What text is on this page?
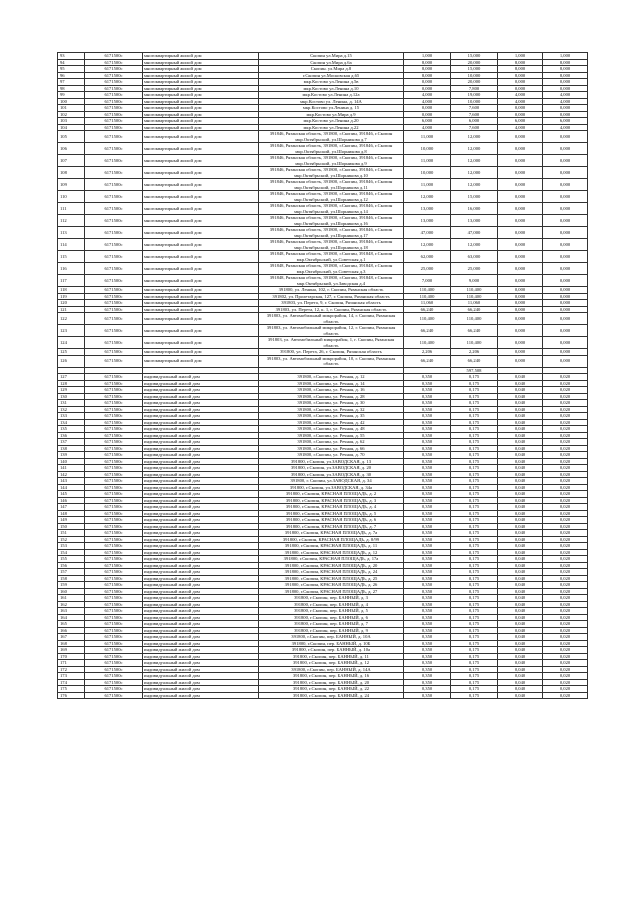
93	6171500с	многоквартирный жилой дом	Скопин ул.Мира д.15	1,000	15,000	1,000	1,000
94	6171500с	многоквартирный жилой дом	Скопин ул.Мира д.6а	8,000	20,000	8,000	8,000
95	6171500с	многоквартирный жилой дом	Скопин. ул.Мира д.8	8,000	15,000	8,000	8,000
96	6171500с	многоквартирный жилой дом	г.Скопин ул.Московская д.65	8,000	10,000	8,000	8,000
97	6171500с	многоквартирный жилой дом	мкр.Костово ул.Ленина д.5в	0,000	20,000	0,000	0,000
98	6171500с	многоквартирный жилой дом	мкр.Костово ул.Ленина д.10	0,000	7,800	0,000	0,000
99	6171500с	многоквартирный жилой дом	мкр.Костово ул.Ленина д.12а	4,000	19,000	4,000	4,000
100	6171500с	многоквартирный жилой дом	мкр.Костово ул. Ленина, д. 14А	4,000	10,000	4,000	4,000
101	6171500с	многоквартирный жилой дом	мкр.Костово ул.Ленина д. 15	0,000	7,600	0,000	0,000
102	6171500с	многоквартирный жилой дом	мкр.Костово ул.Мира д.9	0,000	7,600	0,000	0,000
103	6171500с	многоквартирный жилой дом	мкр.Костово ул.Ленина д.20	6,000	6,000	6,000	6,000
104	6171500с	многоквартирный жилой дом	мкр.Костово ул.Ленина д.22	4,000	7,600	4,000	4,000
105	6171500с	многоквартирный жилой дом	391846, Рязанская область, 391800, г.Скопин, 391846, г.Скопин мкр.Октябрьский, ул.Шорникова д.7	11,000	12,000	0,000	0,000
106	6171500с	многоквартирный жилой дом	391846, Рязанская область, 391800, г.Скопин, 391846, г.Скопин мкр.Октябрьский, ул.Шорникова д.8	10,000	12,000	0,000	0,000
107	6171500с	многоквартирный жилой дом	391846, Рязанская область, 391800, г.Скопин, 391846, г.Скопин мкр.Октябрьский, ул.Шорникова д.9	11,000	12,000	0,000	0,000
108	6171500с	многоквартирный жилой дом	391846, Рязанская область, 391800, г.Скопин, 391846, г.Скопин мкр.Октябрьский, ул.Шорникова д.10	10,000	12,000	0,000	0,000
109	6171500с	многоквартирный жилой дом	391846, Рязанская область, 391800, г.Скопин, 391846, г.Скопин мкр.Октябрьский, ул.Шорникова д.11	11,000	12,000	0,000	0,000
110	6171500с	многоквартирный жилой дом	391846, Рязанская область, 391800, г.Скопин, 391846, г.Скопин мкр.Октябрьский, ул.Шорникова д.12	12,000	15,000	0,000	0,000
111	6171500с	многоквартирный жилой дом	391846, Рязанская область, 391800, г.Скопин, 391846, г.Скопин мкр.Октябрьский, ул.Шорникова д.14	13,000	16,000	0,000	0,000
112	6171500с	многоквартирный жилой дом	391846, Рязанская область, 391800, г.Скопин, 391846, г.Скопин мкр.Октябрьский, ул.Шорникова д.16	13,000	13,000	0,000	0,000
113	6171500с	многоквартирный жилой дом	391846, Рязанская область, 391800, г.Скопин, 391846, г.Скопин мкр.Октябрьский, ул.Шорникова д.17	47,000	47,000	0,000	0,000
114	6171500с	многоквартирный жилой дом	391846, Рязанская область, 391800, г.Скопин, 391846, г.Скопин мкр.Октябрьский, ул.Шорникова д.18	12,000	12,000	0,000	0,000
115	6171500с	многоквартирный жилой дом	391848, Рязанская область, 391800, г.Скопин, 391848, г.Скопин мкр.Октябрьский, ул.Советская д.1	62,000	63,000	0,000	0,000
116	6171500с	многоквартирный жилой дом	391848, Рязанская область, 391800, г.Скопин, 391848, г.Скопин мкр.Октябрьский, ул.Советская д.3	25,000	25,000	0,000	0,000
117	6171500с	многоквартирный жилой дом	391848, Рязанская область, 391800, г.Скопин, 391848, г.Скопин мкр.Октябрьский, ул.Заводская д.4	7,000	9,000	0,000	0,000
118	6171500с	многоквартирный жилой дом	391800, ул. Ленина, 102, г. Скопин, Рязанская область	110,400	110,400	0,000	0,000
119	6171500с	многоквартирный жилой дом	391802, ул. Пролетарская, 127, г. Скопин, Рязанская область	110,400	110,400	0,000	0,000
120	6171500с	многоквартирный жилой дом	391803, ул. Перета, 9, г. Скопин, Рязанская область	11,060	11,060	0,000	0,000
121	6171500с	многоквартирный жилой дом	391803, ул. Перета, 12, к. 1, г. Скопин, Рязанская область	66,240	66,240	0,000	0,000
122	6171500с	многоквартирный жилой дом	391803, ул. Автомобильный микрорайон, 14, г. Скопин, Рязанская область	110,400	110,400	0,000	0,000
123	6171500с	многоквартирный жилой дом	391803, ул. Автомобильный микрорайон, 12, г. Скопин, Рязанская область	66,240	66,240	0,000	0,000
124	6171500с	многоквартирный жилой дом	391803, ул. Автомобильный микрорайон, 1, г. Скопин, Рязанская область	110,400	110,400	0,000	0,000
125	6171500с	многоквартирный жилой дом	391800, ул. Перета, 26, г. Скопин, Рязанская область	2,206	2,206	0,000	0,000
126	6171500с	многоквартирный жилой дом	391803, ул. Автомобильный микрорайон, 10, г. Скопин, Рязанская область	66,240	66,240	0,000	0,000
					597,508		
127	6171500с	индивидуальный жилой дом	391800, г.Скопин, ул. Речная, д. 12	0,350	0,175	0,040	0,020
128	6171500с	индивидуальный жилой дом	391800, г.Скопин, ул. Речная, д. 14	0,350	0,175	0,040	0,020
129	6171500с	индивидуальный жилой дом	391800, г.Скопин, ул. Речная, д. 16	0,350	0,175	0,040	0,020
130	6171500с	индивидуальный жилой дом	391800, г.Скопин, ул. Речная, д. 28	0,350	0,175	0,040	0,020
131	6171500с	индивидуальный жилой дом	391800, г.Скопин, ул. Речная, д. 30	0,350	0,175	0,040	0,020
132	6171500с	индивидуальный жилой дом	391800, г.Скопин, ул. Речная, д. 32	0,350	0,175	0,040	0,020
133	6171500с	индивидуальный жилой дом	391800, г.Скопин, ул. Речная, д. 35	0,350	0,175	0,040	0,020
134	6171500с	индивидуальный жилой дом	391800, г.Скопин, ул. Речная, д. 42	0,350	0,175	0,040	0,020
135	6171500с	индивидуальный жилой дом	391800, г.Скопин, ул. Речная, д. 48	0,350	0,175	0,040	0,020
136	6171500с	индивидуальный жилой дом	391800, г.Скопин, ул. Речная, д. 55	0,350	0,175	0,040	0,020
137	6171500с	индивидуальный жилой дом	391800, г.Скопин, ул. Речная, д. 62	0,350	0,175	0,040	0,020
138	6171500с	индивидуальный жилой дом	391800, г.Скопин, ул. Речная, д. 66	0,350	0,175	0,040	0,020
139	6171500с	индивидуальный жилой дом	391800, г.Скопин, ул. Речная, д. 70	0,350	0,175	0,040	0,020
140	6171500с	индивидуальный жилой дом	391800, г.Скопин, ул.ЗАВОДСКАЯ, д. 13	0,350	0,175	0,040	0,020
141	6171500с	индивидуальный жилой дом	391800, г.Скопин, ул.ЗАВОДСКАЯ, д. 20	0,350	0,175	0,040	0,020
142	6171500с	индивидуальный жилой дом	391800, г.Скопин, ул.ЗАВОДСКАЯ, д. 30	0,350	0,175	0,040	0,020
143	6171500с	индивидуальный жилой дом	391800, г. Скопин, ул.ЗАВОДСКАЯ, д. 34	0,350	0,175	0,040	0,020
144	6171500с	индивидуальный жилой дом	391800, г.Скопин, ул.ЗАВОДСКАЯ, д. 34а	0,350	0,175	0,040	0,020
145	6171500с	индивидуальный жилой дом	391800, г.Скопин, КРАСНАЯ ПЛОЩАДЬ, д. 2	0,350	0,175	0,040	0,020
146	6171500с	индивидуальный жилой дом	391800, г.Скопин, КРАСНАЯ ПЛОЩАДЬ, д. 3	0,350	0,175	0,040	0,020
147	6171500с	индивидуальный жилой дом	391800, г.Скопин, КРАСНАЯ ПЛОЩАДЬ, д. 4	0,350	0,175	0,040	0,020
148	6171500с	индивидуальный жилой дом	391800, г.Скопин, КРАСНАЯ ПЛОЩАДЬ, д. 5	0,350	0,175	0,040	0,020
149	6171500с	индивидуальный жилой дом	391800, г.Скопин, КРАСНАЯ ПЛОЩАДЬ, д. 6	0,350	0,175	0,040	0,020
150	6171500с	индивидуальный жилой дом	391800, г.Скопин, КРАСНАЯ ПЛОЩАДЬ, д. 7	0,350	0,175	0,040	0,020
151	6171500с	индивидуальный жилой дом	391800, г.Скопин, КРАСНАЯ ПЛОЩАДЬ, д. 7а	0,350	0,175	0,040	0,020
152	6171500с	индивидуальный жилой дом	391800, г.Скопин, КРАСНАЯ ПЛОЩАДЬ, д. 8/99	0,350	0,175	0,040	0,020
153	6171500с	индивидуальный жилой дом	391800, г.Скопин, КРАСНАЯ ПЛОЩАДЬ, д. 11	0,350	0,175	0,040	0,020
154	6171500с	индивидуальный жилой дом	391800, г.Скопин, КРАСНАЯ ПЛОЩАДЬ, д. 12	0,350	0,175	0,040	0,020
155	6171500с	индивидуальный жилой дом	391800, г.Скопин, КРАСНАЯ ПЛОЩАДЬ, д. 17а	0,350	0,175	0,040	0,020
156	6171500с	индивидуальный жилой дом	391800, г.Скопин, КРАСНАЯ ПЛОЩАДЬ, д. 20	0,350	0,175	0,040	0,020
157	6171500с	индивидуальный жилой дом	391800, г.Скопин, КРАСНАЯ ПЛОЩАДЬ, д. 24	0,350	0,175	0,040	0,020
158	6171500с	индивидуальный жилой дом	391800, г.Скопин, КРАСНАЯ ПЛОЩАДЬ, д. 25	0,350	0,175	0,040	0,020
159	6171500с	индивидуальный жилой дом	391800, г.Скопин, КРАСНАЯ ПЛОЩАДЬ, д. 26	0,350	0,175	0,040	0,020
160	6171500с	индивидуальный жилой дом	391800, г.Скопин, КРАСНАЯ ПЛОЩАДЬ, д. 27	0,350	0,175	0,040	0,020
161	6171500с	индивидуальный жилой дом	391800, г.Скопин, пер. БАННЫЙ, д. 3	0,350	0,175	0,040	0,020
162	6171500с	индивидуальный жилой дом	391800, г.Скопин, пер. БАННЫЙ, д. 4	0,350	0,175	0,040	0,020
163	6171500с	индивидуальный жилой дом	391800, г.Скопин, пер. БАННЫЙ, д. 5	0,350	0,175	0,040	0,020
164	6171500с	индивидуальный жилой дом	391800, г.Скопин, пер. БАННЫЙ, д. 6	0,350	0,175	0,040	0,020
165	6171500с	индивидуальный жилой дом	391800, г.Скопин, пер. БАННЫЙ, д. 7	0,350	0,175	0,040	0,020
166	6171500с	индивидуальный жилой дом	391800, г.Скопин, пер. БАННЫЙ, д. 9	0,350	0,175	0,040	0,020
167	6171500с	индивидуальный жилой дом	391800, г.Скопин, пер. БАННЫЙ, д. 10А	0,350	0,175	0,040	0,020
168	6171500с	индивидуальный жилой дом	391800, г.Скопин, пер. БАННЫЙ, д. 10Б	0,350	0,175	0,040	0,020
169	6171500с	индивидуальный жилой дом	391800, г.Скопин, пер. БАННЫЙ, д. 10а	0,350	0,175	0,040	0,020
170	6171500с	индивидуальный жилой дом	391800, г.Скопин, пер. БАННЫЙ, д. 11	0,350	0,175	0,040	0,020
171	6171500с	индивидуальный жилой дом	391800, г.Скопин, пер. БАННЫЙ, д. 12	0,350	0,175	0,040	0,020
172	6171500с	индивидуальный жилой дом	391800, г.Скопин, пер. БАННЫЙ, д. 14А	0,350	0,175	0,040	0,020
173	6171500с	индивидуальный жилой дом	391800, г.Скопин, пер. БАННЫЙ, д. 16	0,350	0,175	0,040	0,020
174	6171500с	индивидуальный жилой дом	391800, г.Скопин, пер. БАННЫЙ, д. 20	0,350	0,175	0,040	0,020
175	6171500с	индивидуальный жилой дом	391800, г.Скопин, пер. БАННЫЙ, д. 22	0,350	0,175	0,040	0,020
176	6171500с	индивидуальный жилой дом	391800, г.Скопин, пер. БАННЫЙ, д. 24	0,350	0,175	0,040	0,020
